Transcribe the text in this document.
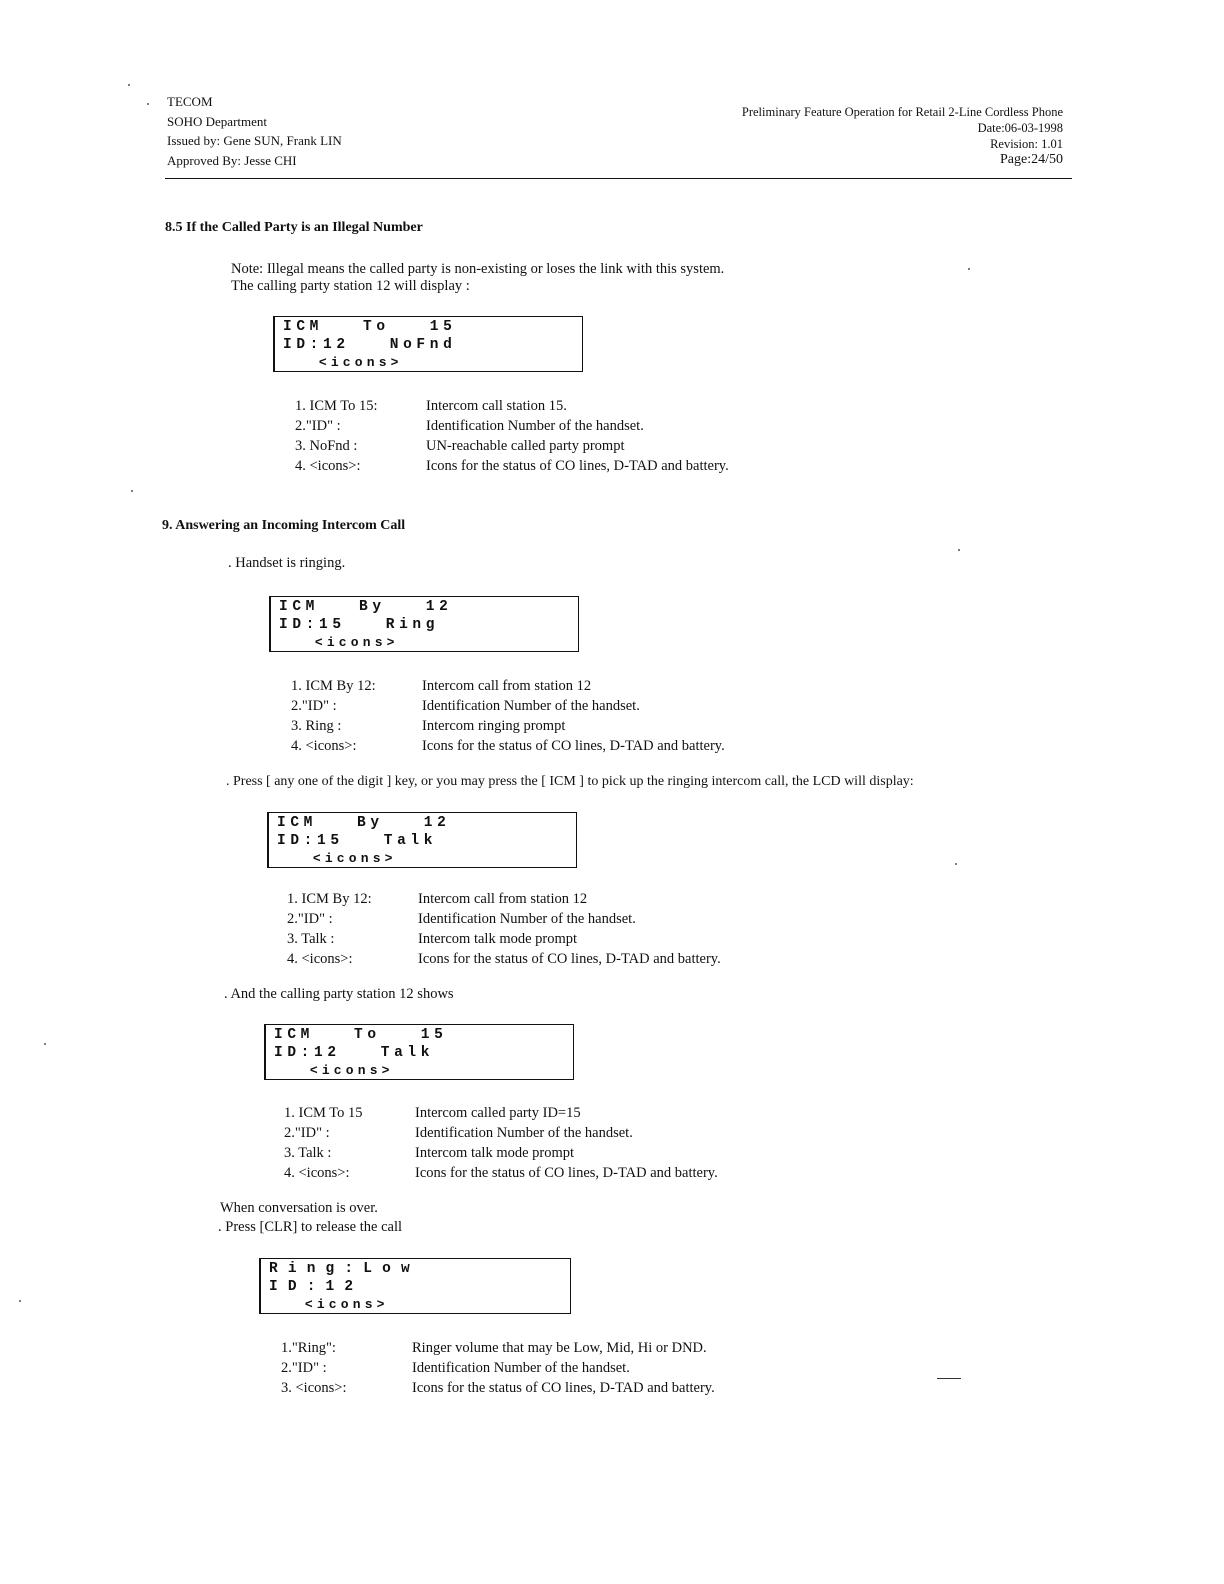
TECOM
SOHO Department
Issued by: Gene SUN, Frank LIN
Approved By: Jesse CHI
Preliminary Feature Operation for Retail 2-Line Cordless Phone
Date:06-03-1998
Revision: 1.01
Page:24/50
8.5 If the Called Party is an Illegal Number
Note: Illegal means the called party is non-existing or loses the link with this system.
The calling party station 12 will display :
ICM   To   15
ID:12   NoFnd
<icons>
1. ICM To 15:	Intercom call station 15.
2."ID" :	Identification Number of the handset.
3. NoFnd :	UN-reachable called party prompt
4. <icons>:	Icons for the status of CO lines, D-TAD and battery.
9. Answering an Incoming Intercom Call
. Handset is ringing.
ICM   By   12
ID:15   Ring
<icons>
1. ICM By 12:	Intercom call from station 12
2."ID" :	Identification Number of the handset.
3. Ring :	Intercom ringing prompt
4. <icons>:	Icons for the status of CO lines, D-TAD and battery.
. Press [ any one of the digit ] key, or you may press the [ ICM ] to pick up the ringing intercom call, the LCD will display:
ICM   By   12
ID:15   Talk
<icons>
1. ICM By 12:	Intercom call from station 12
2."ID" :	Identification Number of the handset.
3. Talk :	Intercom talk mode prompt
4. <icons>:	Icons for the status of CO lines, D-TAD and battery.
. And the calling party station 12 shows
ICM   To   15
ID:12   Talk
<icons>
1. ICM To 15	Intercom called party ID=15
2."ID" :	Identification Number of the handset.
3. Talk :	Intercom talk mode prompt
4. <icons>:	Icons for the status of CO lines, D-TAD and battery.
When conversation is over.
. Press [CLR] to release the call
Ring:Low
ID:12
<icons>
1."Ring":	Ringer volume that may be Low, Mid, Hi or DND.
2."ID" :	Identification Number of the handset.
3. <icons>:	Icons for the status of CO lines, D-TAD and battery.
